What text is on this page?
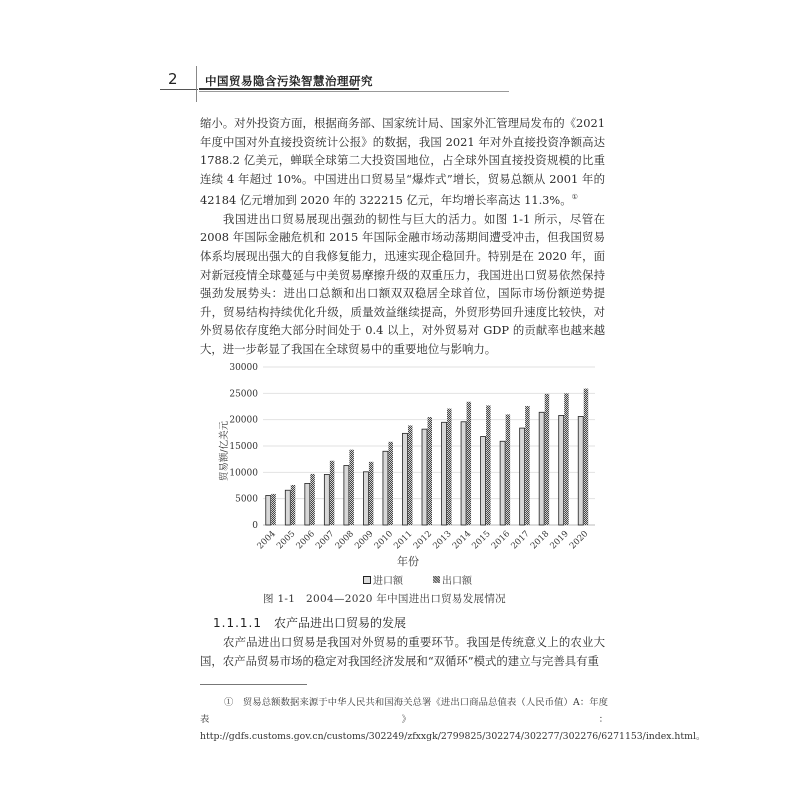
2 中国贸易隐含污染智慧治理研究

缩小。对外投资方面，根据商务部、国家统计局、国家外汇管理局发布的《2021 年度中国对外直接投资统计公报》的数据，我国 2021 年对外直接投资净额高达 1788.2 亿美元，蝉联全球第二大投资国地位，占全球外国直接投资规模的比重连续 4 年超过 10%。中国进出口贸易呈“爆炸式”增长，贸易总额从 2001 年的 42184 亿元增加到 2020 年的 322215 亿元，年均增长率高达 11.3%。①

我国进出口贸易展现出强劲的韧性与巨大的活力。如图 1-1 所示，尽管在 2008 年国际金融危机和 2015 年国际金融市场动荡期间遭受冲击，但我国贸易体系均展现出强大的自我修复能力，迅速实现企稳回升。特别是在 2020 年，面对新冠疫情全球蔓延与中美贸易摩擦升级的双重压力，我国进出口贸易依然保持强劲发展势头：进出口总额和出口额双双稳居全球首位，国际市场份额逆势提升，贸易结构持续优化升级，质量效益继续提高，外贸形势回升速度比较快，对外贸易依存度绝大部分时间处于 0.4 以上，对外贸易对 GDP 的贡献率也越来越大，进一步彰显了我国在全球贸易中的重要地位与影响力。

0
5000
10000
15000
20000
25000
30000
2004
2005
2006
2007
2008
2009
2010
2011
2012
2013
2014
2015
2016
2017
2018
2019
2020
贸易额/亿美元
年份
进口额	出口额
图 1-1　2004—2020 年中国进出口贸易发展情况
1.1.1.1 农产品进出口贸易的发展
农产品进出口贸易是我国对外贸易的重要环节。我国是传统意义上的农业大国，农产品贸易市场的稳定对我国经济发展和“双循环”模式的建立与完善具有重

①　 贸易总额数据来源于中华人民共和国海关总署《进出口商品总值表（人民币值）A：年度表》：http://gdfs.customs.gov.cn/customs/302249/zfxxgk/2799825/302274/302277/302276/6271153/index.html。
